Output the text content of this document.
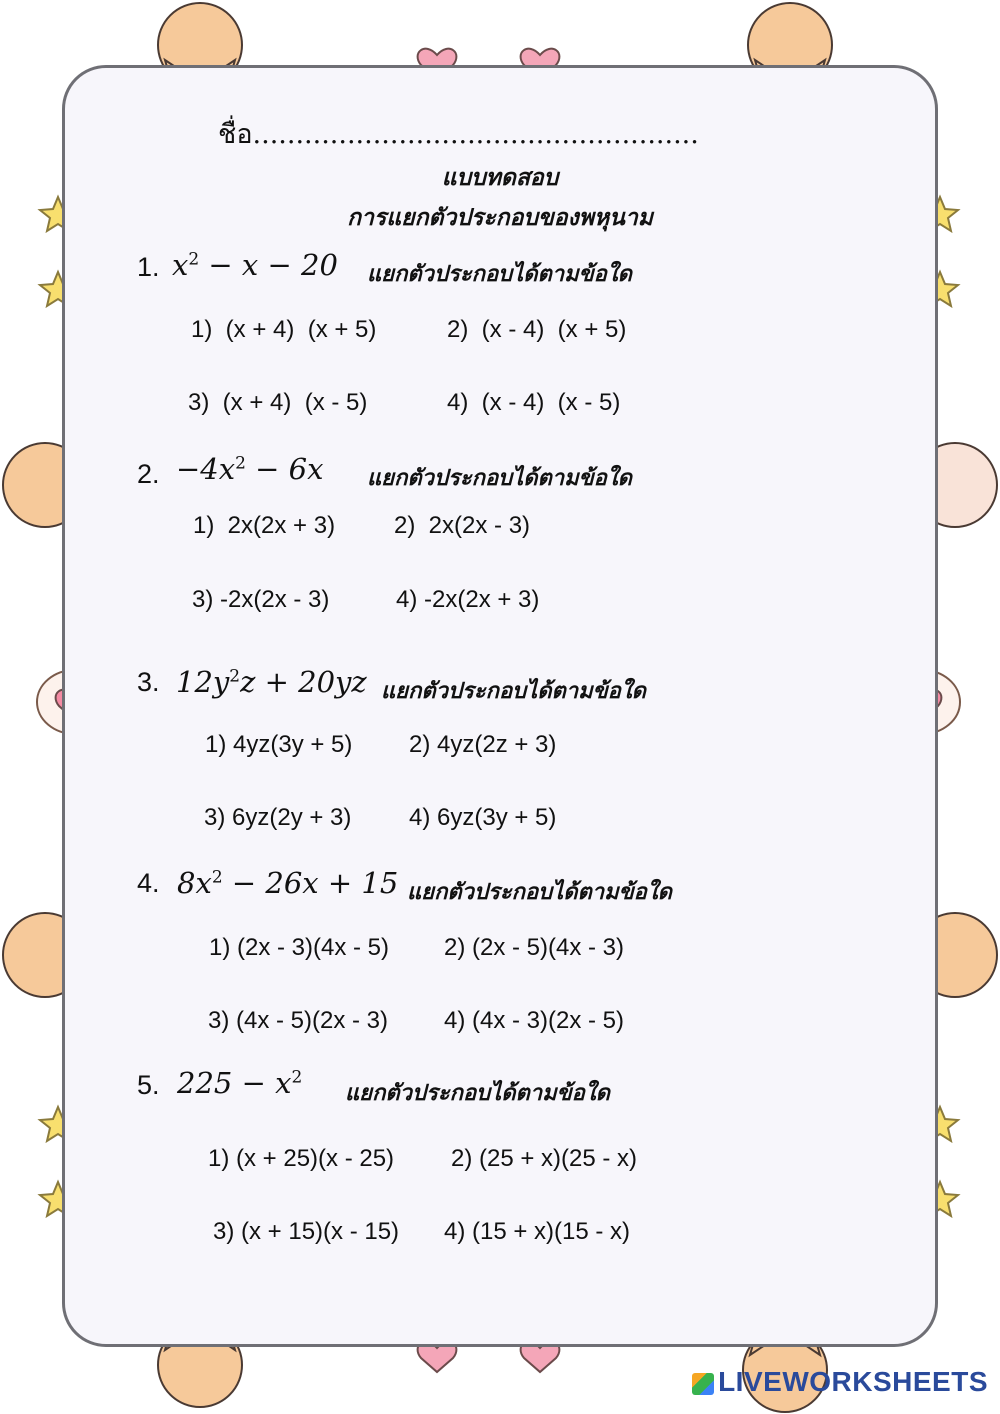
ชื่อ....................................................
แบบทดสอบ
การแยกตัวประกอบของพหุนาม
1. $x^2 - x - 20$ แยกตัวประกอบได้ตามข้อใด
1)  (x + 4)  (x + 5)	2)  (x - 4)  (x + 5)
3)  (x + 4)  (x - 5)	4)  (x - 4)  (x - 5)
2. $-4x^2 - 6x$ แยกตัวประกอบได้ตามข้อใด
1)  2x(2x + 3) 2)  2x(2x - 3)
3) -2x(2x - 3)	4) -2x(2x + 3)
3. $12y^2z + 20yz$ แยกตัวประกอบได้ตามข้อใด
1) 4yz(3y + 5) 2) 4yz(2z + 3)
3) 6yz(2y + 3) 4) 6yz(3y + 5)
4. $8x^2 - 26x + 15$ แยกตัวประกอบได้ตามข้อใด
1) (2x - 3)(4x - 5) 2) (2x - 5)(4x - 3)
3) (4x - 5)(2x - 3) 4) (4x - 3)(2x - 5)
5. $225 - x^2$
แยกตัวประกอบได้ตามข้อใด
1) (x + 25)(x - 25) 2) (25 + x)(25 - x)
3) (x + 15)(x - 15) 4) (15 + x)(15 - x)
LIVEWORKSHEETS
